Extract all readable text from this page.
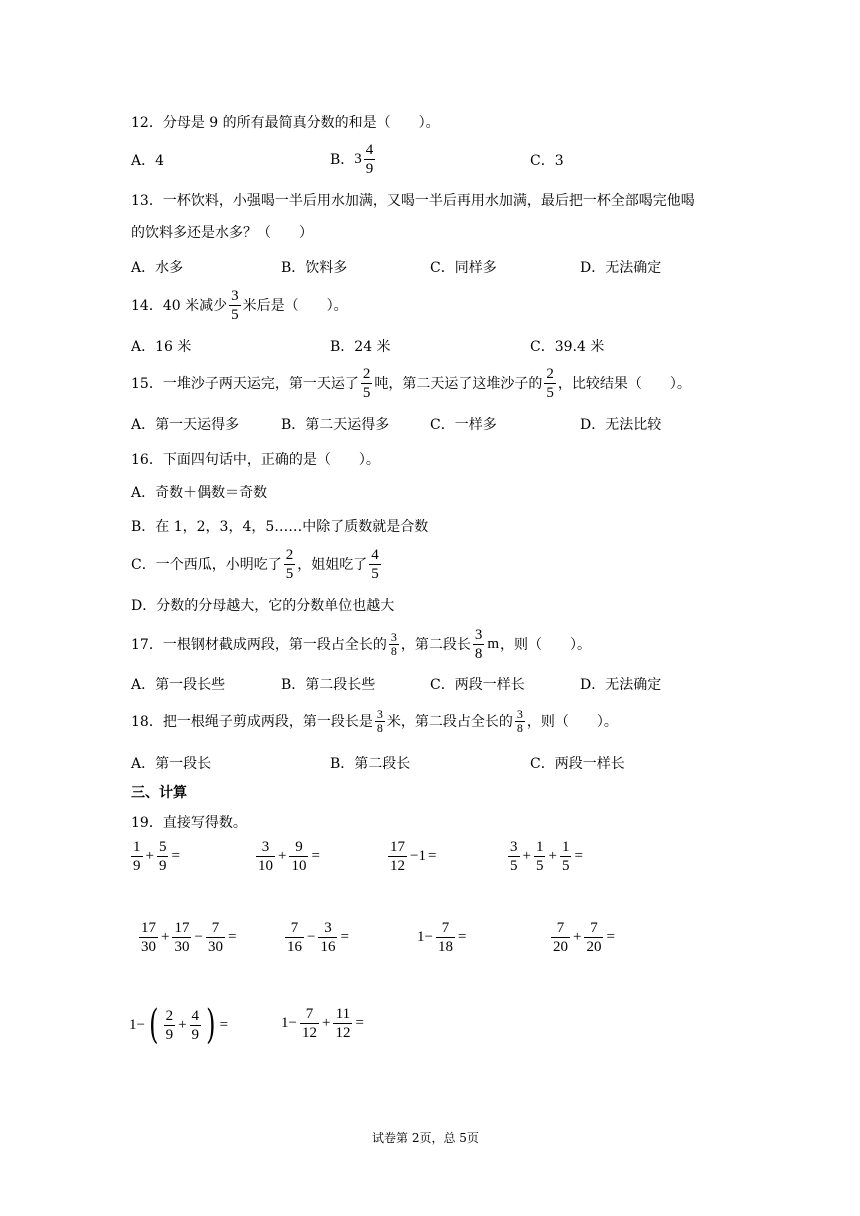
12．分母是 9 的所有最简真分数的和是（　　）。
A．4	B． $3 \frac{4}{9}$	C．3
13．一杯饮料，小强喝一半后用水加满，又喝一半后再用水加满，最后把一杯全部喝完他喝
的饮料多还是水多？（　　）
A．水多	B．饮料多	C．同样多	D．无法确定
14．40 米减少 $\frac{3}{5}$ 米后是（　　）。
A．16 米	B．24 米	C．39.4 米
15．一堆沙子两天运完，第一天运了 $\frac{2}{5}$ 吨，第二天运了这堆沙子的 $\frac{2}{5}$ ，比较结果（　　）。
A．第一天运得多	B．第二天运得多	C．一样多	D．无法比较
16．下面四句话中，正确的是（　　）。
A．奇数＋偶数＝奇数
B．在 1，2，3，4，5……中除了质数就是合数
C．一个西瓜，小明吃了 $\frac{2}{5}$ ，姐姐吃了 $\frac{4}{5}$
D．分数的分母越大，它的分数单位也越大
17．一根钢材截成两段，第一段占全长的 $\frac{3}{8}$ ，第二段长 $\frac{3}{8}$ m ，则（　　）。
A．第一段长些	B．第二段长些	C．两段一样长	D．无法确定
18．把一根绳子剪成两段，第一段长是 $\frac{3}{8}$ 米，第二段占全长的 $\frac{3}{8}$ ，则（　　）。
A．第一段长	B．第二段长	C．两段一样长
三、计算
19．直接写得数。
$\frac{1}{9} + \frac{5}{9}$ =	$\frac{3}{10} + \frac{9}{10}$ =	$\frac{17}{12} -1$ =	$\frac{3}{5} + \frac{1}{5} + \frac{1}{5}$ =
$\frac{17}{30} + \frac{17}{30} - \frac{7}{30}$ =	$\frac{7}{16} - \frac{3}{16}$ =	$1- \frac{7}{18}$ =	$\frac{7}{20} + \frac{7}{20}$ =
1− ( $\frac{2}{9} + \frac{4}{9}$ ) =	$1- \frac{7}{12} + \frac{11}{12}$ =
试卷第 2页，总 5页
